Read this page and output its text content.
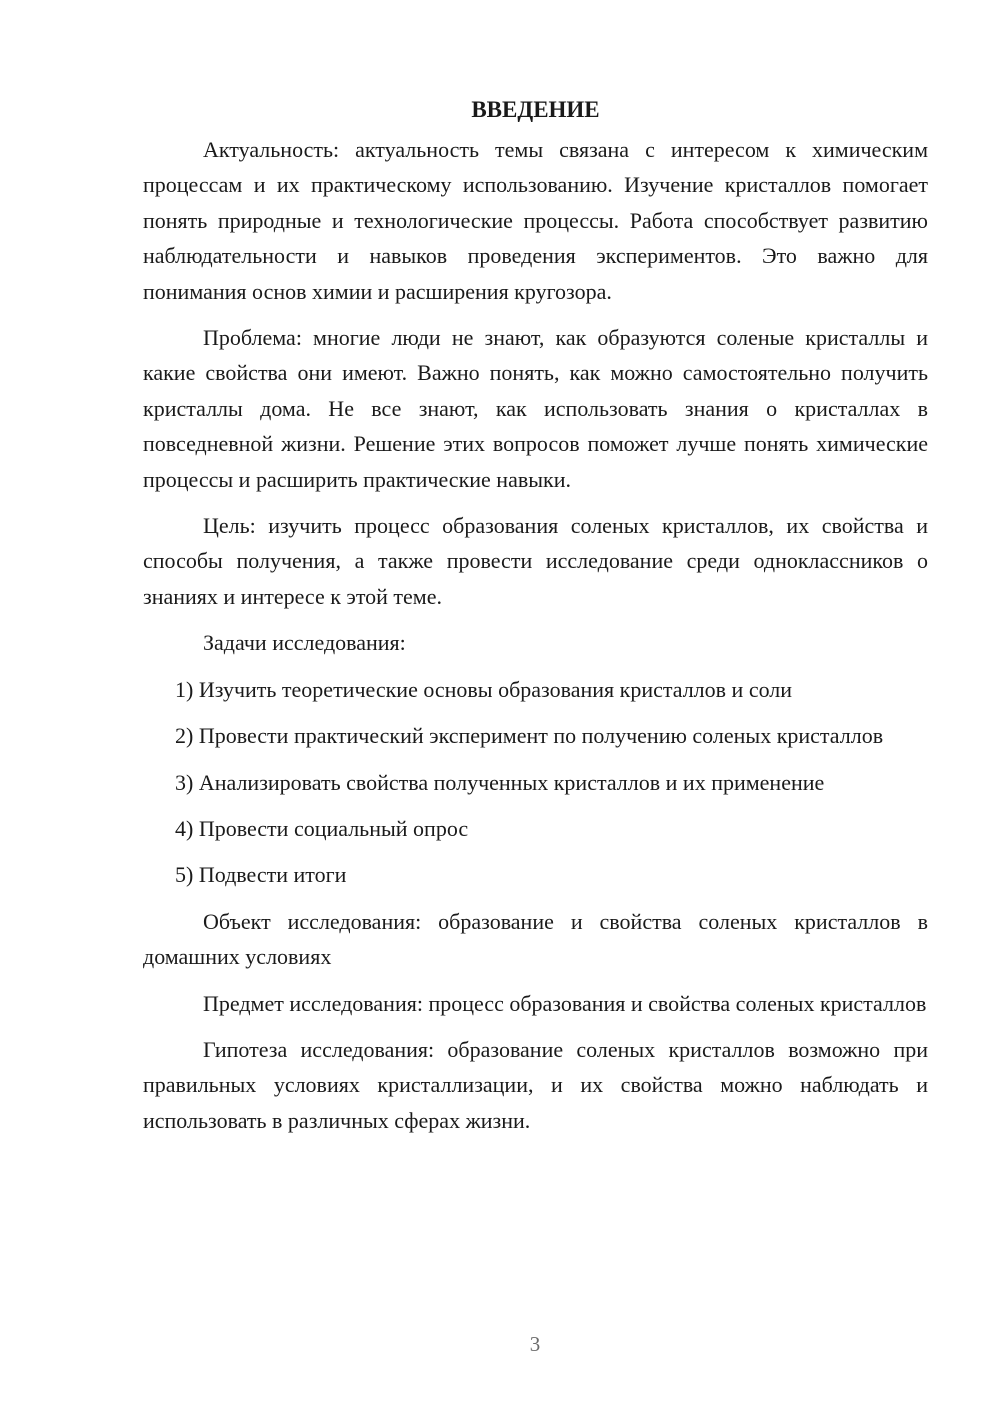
ВВЕДЕНИЕ

Актуальность: актуальность темы связана с интересом к химическим процессам и их практическому использованию. Изучение кристаллов помогает понять природные и технологические процессы. Работа способствует развитию наблюдательности и навыков проведения экспериментов. Это важно для понимания основ химии и расширения кругозора.

Проблема: многие люди не знают, как образуются соленые кристаллы и какие свойства они имеют. Важно понять, как можно самостоятельно получить кристаллы дома. Не все знают, как использовать знания о кристаллах в повседневной жизни. Решение этих вопросов поможет лучше понять химические процессы и расширить практические навыки.

Цель: изучить процесс образования соленых кристаллов, их свойства и способы получения, а также провести исследование среди одноклассников о знаниях и интересе к этой теме.

Задачи исследования:

1) Изучить теоретические основы образования кристаллов и соли

2) Провести практический эксперимент по получению соленых кристаллов

3) Анализировать свойства полученных кристаллов и их применение

4) Провести социальный опрос

5) Подвести итоги

Объект исследования: образование и свойства соленых кристаллов в домашних условиях

Предмет исследования: процесс образования и свойства соленых кристаллов

Гипотеза исследования: образование соленых кристаллов возможно при правильных условиях кристаллизации, и их свойства можно наблюдать и использовать в различных сферах жизни.

3
